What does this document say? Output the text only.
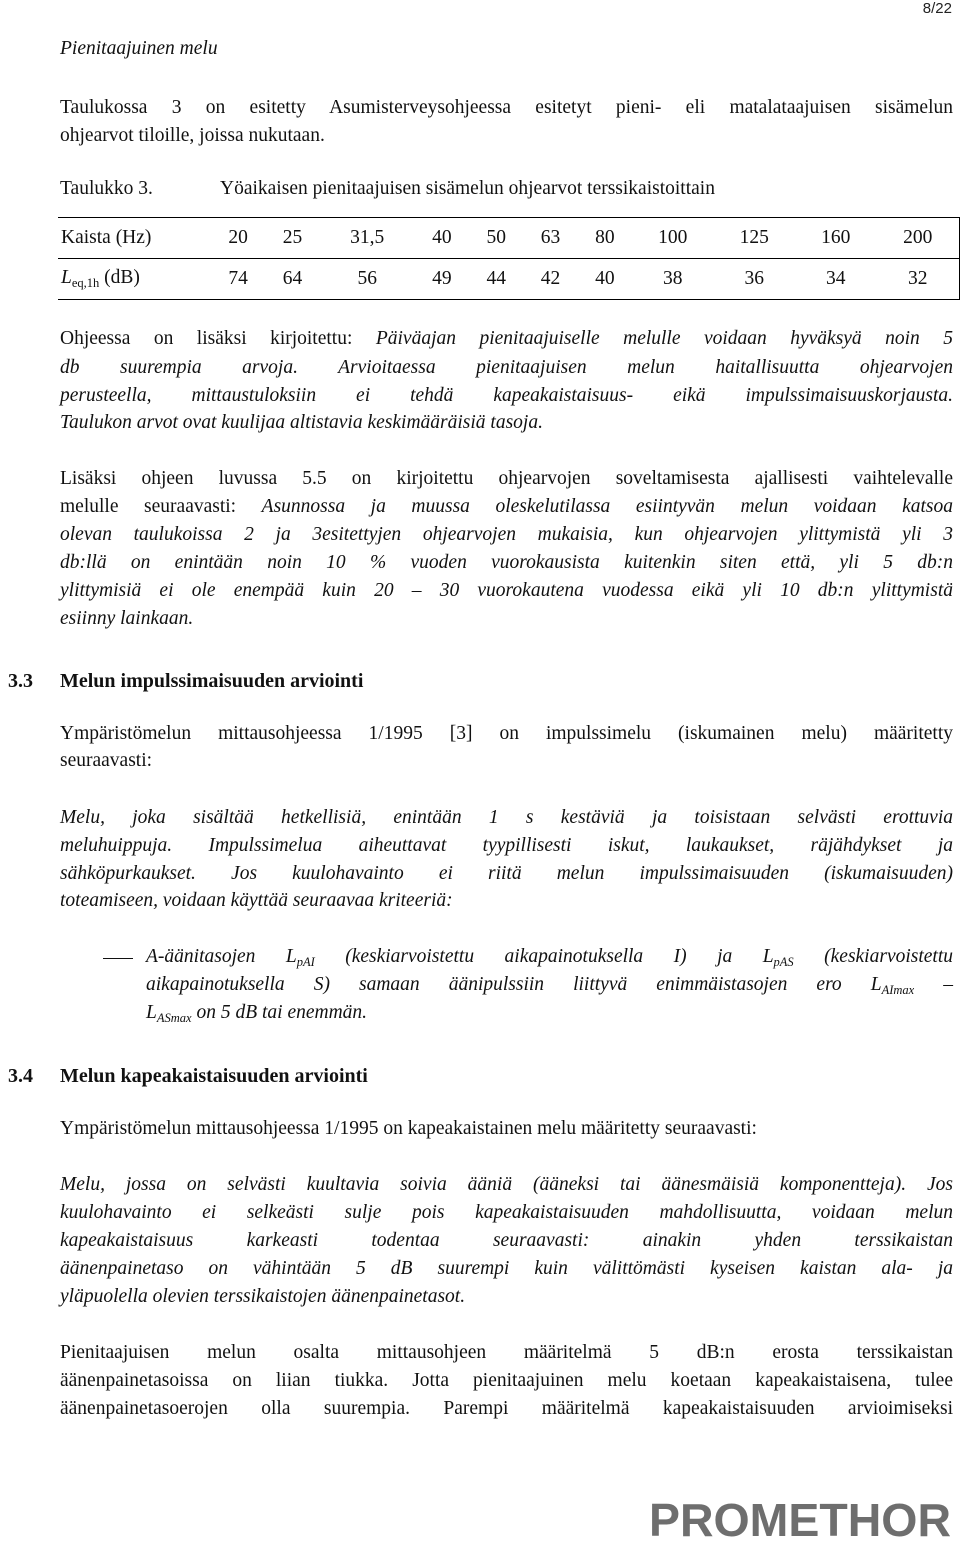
8/22
Pienitaajuinen melu
Taulukossa 3 on esitetty Asumisterveysohjeessa esitetyt pieni- eli matalataajuisen sisämelun
ohjearvot tiloille, joissa nukutaan.
Taulukko 3.	Yöaikaisen pienitaajuisen sisämelun ohjearvot terssikaistoittain
Kaista (Hz)	20	25	31,5	40	50	63	80	100	125	160	200
$L_{eq,1h}$ (dB)	74	64	56	49	44	42	40	38	36	34	32
Ohjeessa on lisäksi kirjoitettu: Päiväajan pienitaajuiselle melulle voidaan hyväksyä noin 5
db suurempia arvoja. Arvioitaessa pienitaajuisen melun haitallisuutta ohjearvojen
perusteella, mittaustuloksiin ei tehdä kapeakaistaisuus- eikä impulssimaisuuskorjausta.
Taulukon arvot ovat kuulijaa altistavia keskimääräisiä tasoja.
Lisäksi ohjeen luvussa 5.5 on kirjoitettu ohjearvojen soveltamisesta ajallisesti vaihtelevalle
melulle seuraavasti: Asunnossa ja muussa oleskelutilassa esiintyvän melun voidaan katsoa
olevan taulukoissa 2 ja 3esitettyjen ohjearvojen mukaisia, kun ohjearvojen ylittymistä yli 3
db:llä on enintään noin 10 % vuoden vuorokausista kuitenkin siten että, yli 5 db:n
ylittymisiä ei ole enempää kuin 20 – 30 vuorokautena vuodessa eikä yli 10 db:n ylittymistä
esiinny lainkaan.
3.3 Melun impulssimaisuuden arviointi
Ympäristömelun mittausohjeessa 1/1995 [3] on impulssimelu (iskumainen melu) määritetty
seuraavasti:
Melu, joka sisältää hetkellisiä, enintään 1 s kestäviä ja toisistaan selvästi erottuvia
meluhuippuja. Impulssimelua aiheuttavat tyypillisesti iskut, laukaukset, räjähdykset ja
sähköpurkaukset. Jos kuulohavainto ei riitä melun impulssimaisuuden (iskumaisuuden)
toteamiseen, voidaan käyttää seuraavaa kriteeriä:
A-äänitasojen $L_{pAI}$ (keskiarvoistettu aikapainotuksella I) ja $L_{pAS}$ (keskiarvoistettu
aikapainotuksella S) samaan äänipulssiin liittyvä enimmäistasojen ero $L_{AImax}$ –
$L_{ASmax}$ on 5 dB tai enemmän.
3.4 Melun kapeakaistaisuuden arviointi
Ympäristömelun mittausohjeessa 1/1995 on kapeakaistainen melu määritetty seuraavasti:
Melu, jossa on selvästi kuultavia soivia ääniä (ääneksi tai äänesmäisiä komponentteja). Jos
kuulohavainto ei selkeästi sulje pois kapeakaistaisuuden mahdollisuutta, voidaan melun
kapeakaistaisuus karkeasti todentaa seuraavasti: ainakin yhden terssikaistan
äänenpainetaso on vähintään 5 dB suurempi kuin välittömästi kyseisen kaistan ala- ja
yläpuolella olevien terssikaistojen äänenpainetasot.
Pienitaajuisen melun osalta mittausohjeen määritelmä 5 dB:n erosta terssikaistan
äänenpainetasoissa on liian tiukka. Jotta pienitaajuinen melu koetaan kapeakaistaisena, tulee
äänenpainetasoerojen olla suurempia. Parempi määritelmä kapeakaistaisuuden arvioimiseksi
PROMETHOR
